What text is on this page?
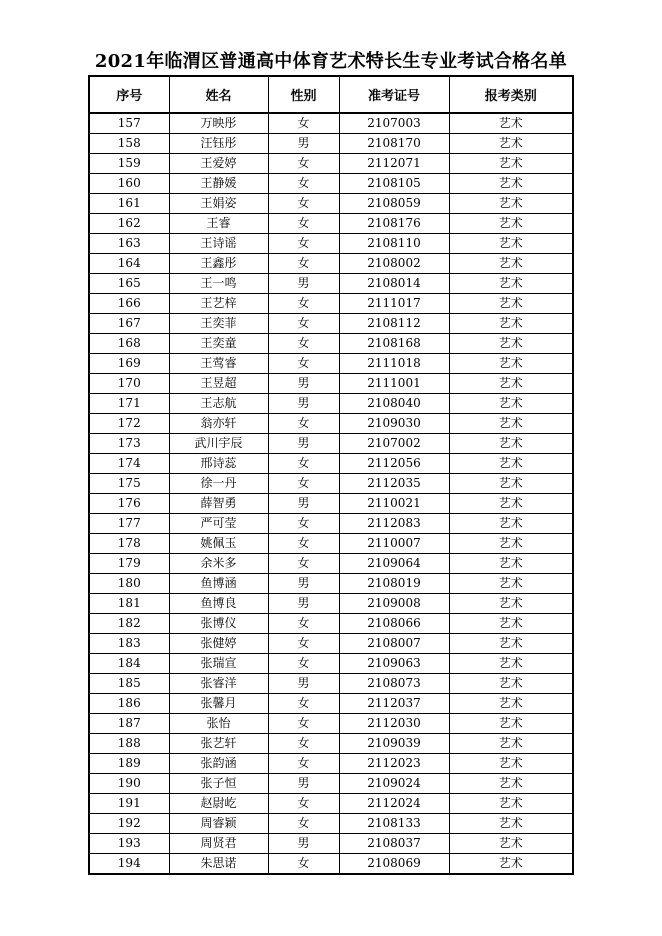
2021年临渭区普通高中体育艺术特长生专业考试合格名单
序号	姓名	性别	准考证号	报考类别
157	万映彤	女	2107003	艺术
158	汪钰彤	男	2108170	艺术
159	王爱婷	女	2112071	艺术
160	王静媛	女	2108105	艺术
161	王娟姿	女	2108059	艺术
162	王睿	女	2108176	艺术
163	王诗谣	女	2108110	艺术
164	王鑫彤	女	2108002	艺术
165	王一鸣	男	2108014	艺术
166	王艺梓	女	2111017	艺术
167	王奕菲	女	2108112	艺术
168	王奕童	女	2108168	艺术
169	王莺睿	女	2111018	艺术
170	王昱超	男	2111001	艺术
171	王志航	男	2108040	艺术
172	翁亦轩	女	2109030	艺术
173	武川宇辰	男	2107002	艺术
174	邢诗蕊	女	2112056	艺术
175	徐一丹	女	2112035	艺术
176	薛智勇	男	2110021	艺术
177	严可莹	女	2112083	艺术
178	姚佩玉	女	2110007	艺术
179	余米多	女	2109064	艺术
180	鱼博涵	男	2108019	艺术
181	鱼博良	男	2109008	艺术
182	张博仪	女	2108066	艺术
183	张健婷	女	2108007	艺术
184	张瑞宣	女	2109063	艺术
185	张睿洋	男	2108073	艺术
186	张馨月	女	2112037	艺术
187	张怡	女	2112030	艺术
188	张艺轩	女	2109039	艺术
189	张韵涵	女	2112023	艺术
190	张子恒	男	2109024	艺术
191	赵尉屹	女	2112024	艺术
192	周睿颖	女	2108133	艺术
193	周贤君	男	2108037	艺术
194	朱思诺	女	2108069	艺术
